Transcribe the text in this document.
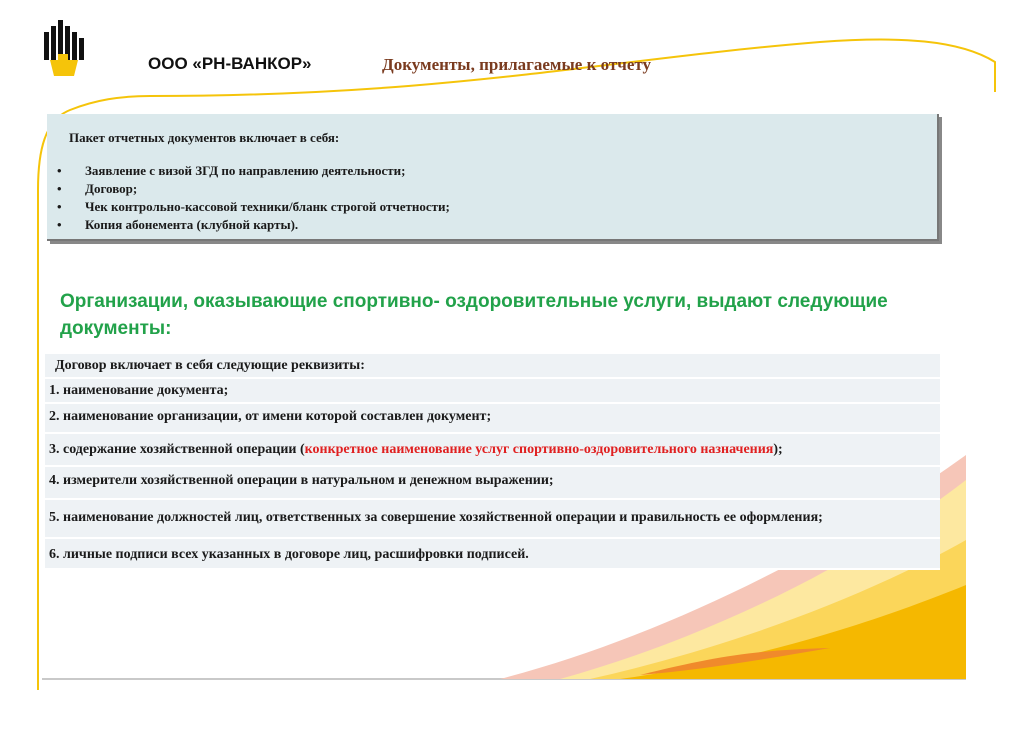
ООО «РН-ВАНКОР»	Документы, прилагаемые к отчету
Пакет отчетных документов включает в себя:
• Заявление с визой ЗГД по направлению деятельности;
• Договор;
• Чек контрольно-кассовой техники/бланк строгой отчетности;
• Копия абонемента (клубной карты).
Организации, оказывающие спортивно- оздоровительные услуги, выдают следующие документы:
Договор включает в себя следующие реквизиты:
1. наименование документа;
2. наименование организации, от имени которой составлен документ;
3. содержание хозяйственной операции (конкретное наименование услуг спортивно-оздоровительного назначения);
4. измерители хозяйственной операции в натуральном и денежном выражении;
5. наименование должностей лиц, ответственных за совершение хозяйственной операции и правильность ее оформления;
6. личные подписи всех указанных в договоре лиц, расшифровки подписей.
